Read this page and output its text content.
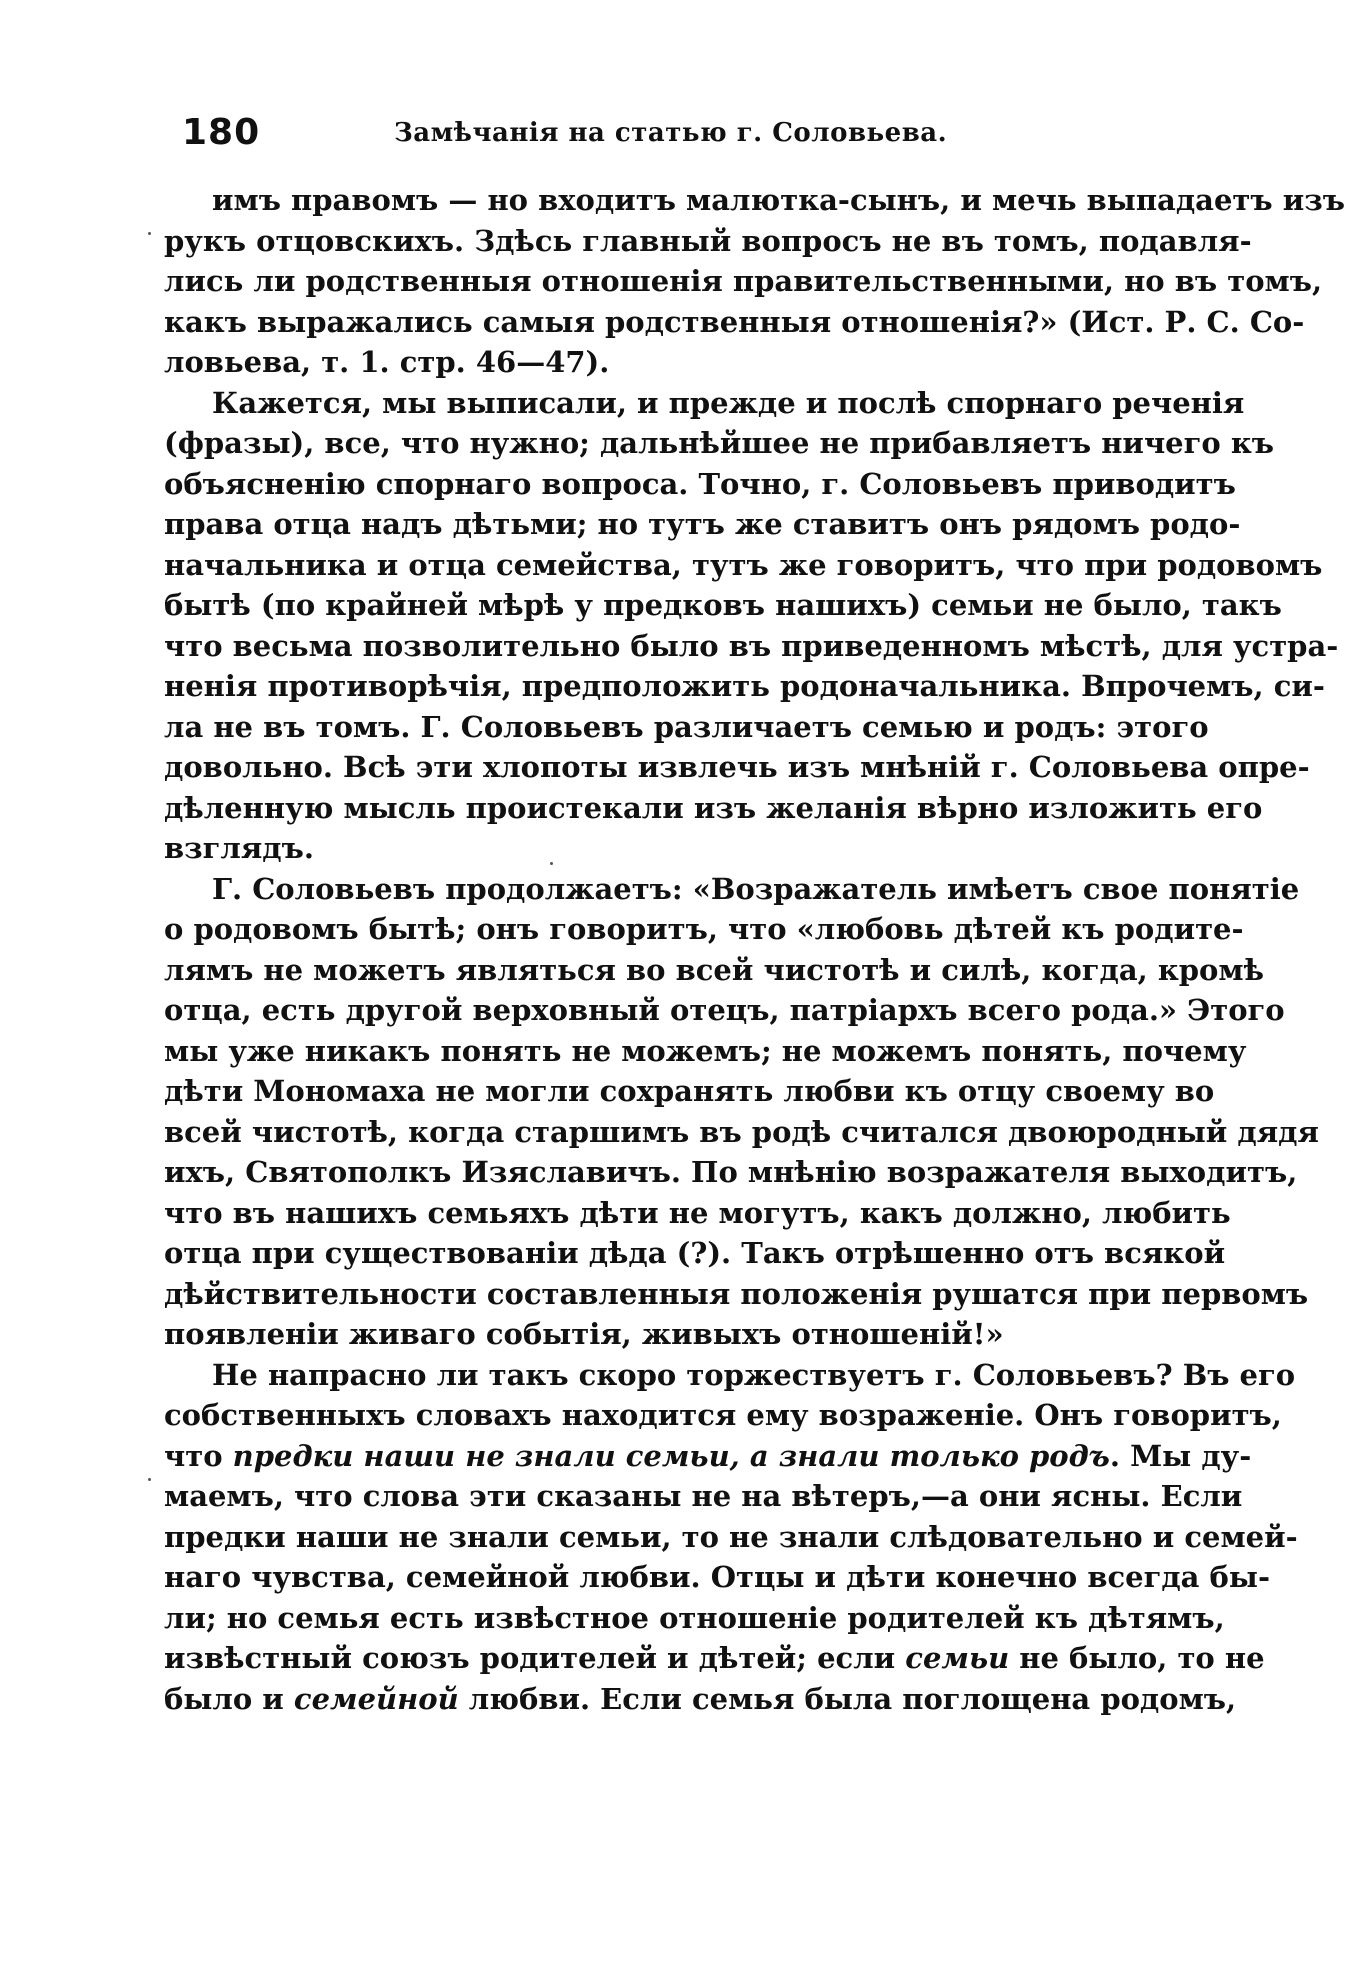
180	Замѣчанія на статью г. Соловьева.
имъ правомъ — но входитъ малютка-сынъ, и мечь выпадаетъ изъ
рукъ отцовскихъ. Здѣсь главный вопросъ не въ томъ, подавля-
лись ли родственныя отношенія правительственными, но въ томъ,
какъ выражались самыя родственныя отношенія?» (Ист. Р. С. Со-
ловьева, т. 1. стр. 46—47).
Кажется, мы выписали, и прежде и послѣ спорнаго реченія
(фразы), все, что нужно; дальнѣйшее не прибавляетъ ничего къ
объясненію спорнаго вопроса. Точно, г. Соловьевъ приводитъ
права отца надъ дѣтьми; но тутъ же ставитъ онъ рядомъ родо-
начальника и отца семейства, тутъ же говоритъ, что при родовомъ
бытѣ (по крайней мѣрѣ у предковъ нашихъ) семьи не было, такъ
что весьма позволительно было въ приведенномъ мѣстѣ, для устра-
ненія противорѣчія, предположить родоначальника. Впрочемъ, си-
ла не въ томъ. Г. Соловьевъ различаетъ семью и родъ: этого
довольно. Всѣ эти хлопоты извлечь изъ мнѣній г. Соловьева опре-
дѣленную мысль проистекали изъ желанія вѣрно изложить его
взглядъ.
Г. Соловьевъ продолжаетъ: «Возражатель имѣетъ свое понятіе
о родовомъ бытѣ; онъ говоритъ, что «любовь дѣтей къ родите-
лямъ не можетъ являться во всей чистотѣ и силѣ, когда, кромѣ
отца, есть другой верховный отецъ, патріархъ всего рода.» Этого
мы уже никакъ понять не можемъ; не можемъ понять, почему
дѣти Мономаха не могли сохранять любви къ отцу своему во
всей чистотѣ, когда старшимъ въ родѣ считался двоюродный дядя
ихъ, Святополкъ Изяславичъ. По мнѣнію возражателя выходитъ,
что въ нашихъ семьяхъ дѣти не могутъ, какъ должно, любить
отца при существованіи дѣда (?). Такъ отрѣшенно отъ всякой
дѣйствительности составленныя положенія рушатся при первомъ
появленіи живаго событія, живыхъ отношеній!»
Не напрасно ли такъ скоро торжествуетъ г. Соловьевъ? Въ его
собственныхъ словахъ находится ему возраженіе. Онъ говоритъ,
что предки наши не знали семьи, а знали только родъ. Мы ду-
маемъ, что слова эти сказаны не на вѣтеръ,—а они ясны. Если
предки наши не знали семьи, то не знали слѣдовательно и семей-
наго чувства, семейной любви. Отцы и дѣти конечно всегда бы-
ли; но семья есть извѣстное отношеніе родителей къ дѣтямъ,
извѣстный союзъ родителей и дѣтей; если семьи не было, то не
было и семейной любви. Если семья была поглощена родомъ,
